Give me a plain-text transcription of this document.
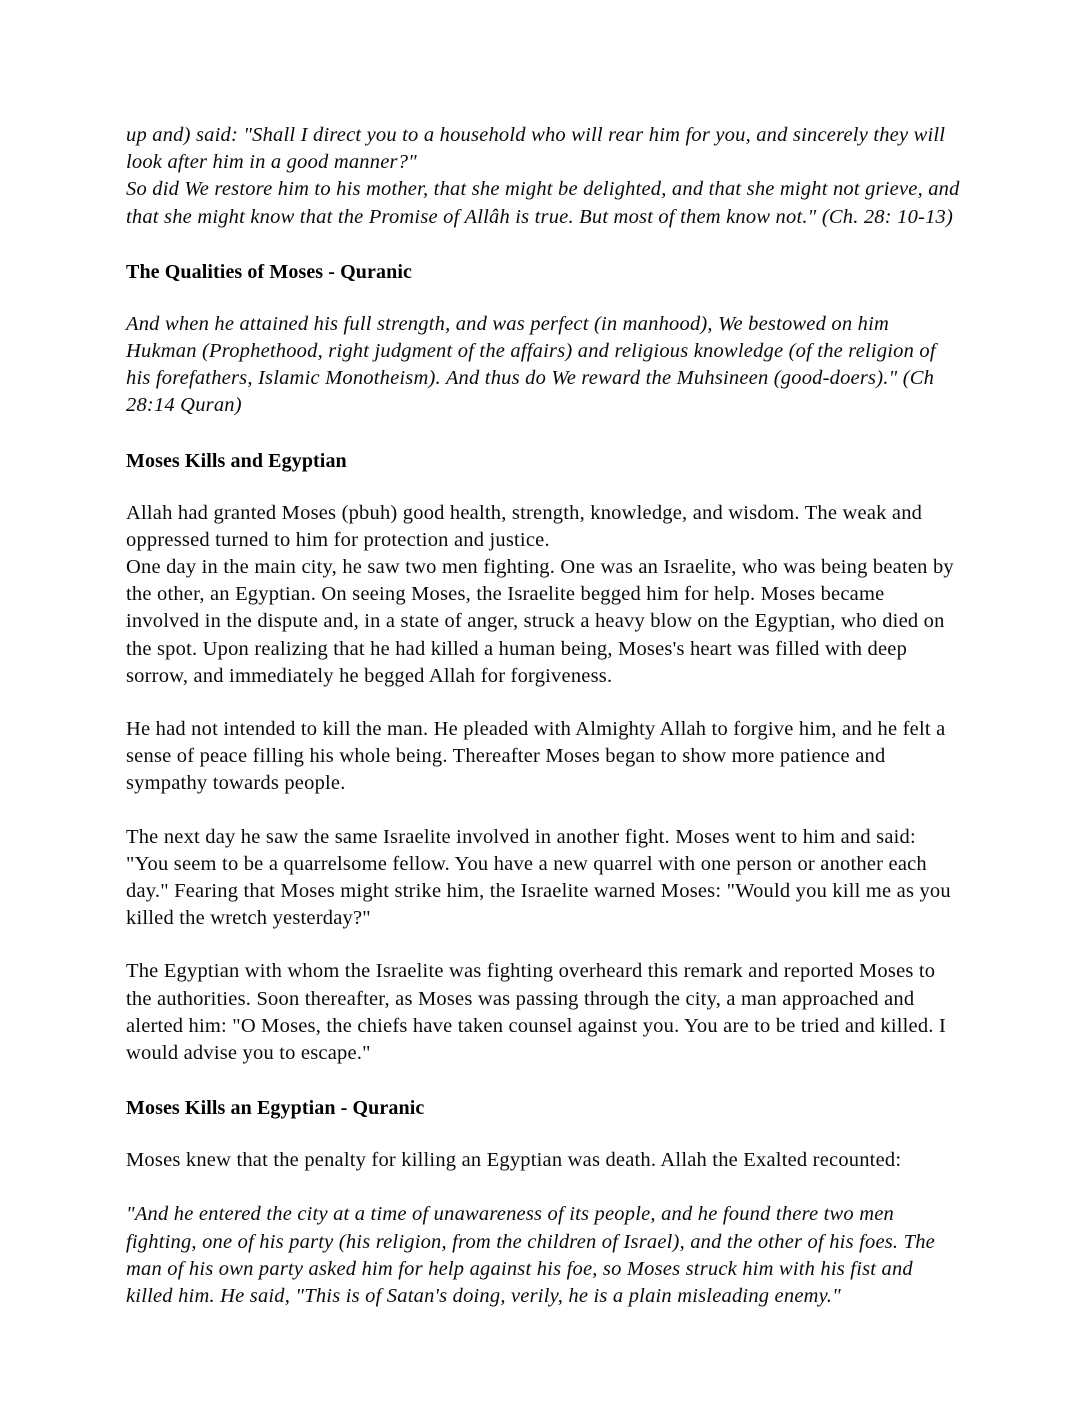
up and) said: "Shall I direct you to a household who will rear him for you, and sincerely they will look after him in a good manner?"

So did We restore him to his mother, that she might be delighted, and that she might not grieve, and that she might know that the Promise of Allâh is true. But most of them know not." (Ch. 28: 10-13)

The Qualities of Moses - Quranic

And when he attained his full strength, and was perfect (in manhood), We bestowed on him Hukman (Prophethood, right judgment of the affairs) and religious knowledge (of the religion of his forefathers, Islamic Monotheism). And thus do We reward the Muhsineen (good-doers)." (Ch 28:14 Quran)

Moses Kills and Egyptian

Allah had granted Moses (pbuh) good health, strength, knowledge, and wisdom. The weak and oppressed turned to him for protection and justice.

One day in the main city, he saw two men fighting. One was an Israelite, who was being beaten by the other, an Egyptian. On seeing Moses, the Israelite begged him for help. Moses became involved in the dispute and, in a state of anger, struck a heavy blow on the Egyptian, who died on the spot. Upon realizing that he had killed a human being, Moses's heart was filled with deep sorrow, and immediately he begged Allah for forgiveness.

He had not intended to kill the man. He pleaded with Almighty Allah to forgive him, and he felt a sense of peace filling his whole being. Thereafter Moses began to show more patience and sympathy towards people.

The next day he saw the same Israelite involved in another fight. Moses went to him and said: "You seem to be a quarrelsome fellow. You have a new quarrel with one person or another each day." Fearing that Moses might strike him, the Israelite warned Moses: "Would you kill me as you killed the wretch yesterday?"

The Egyptian with whom the Israelite was fighting overheard this remark and reported Moses to the authorities. Soon thereafter, as Moses was passing through the city, a man approached and alerted him: "O Moses, the chiefs have taken counsel against you. You are to be tried and killed. I would advise you to escape."

Moses Kills an Egyptian - Quranic

Moses knew that the penalty for killing an Egyptian was death. Allah the Exalted recounted:

"And he entered the city at a time of unawareness of its people, and he found there two men fighting, one of his party (his religion, from the children of Israel), and the other of his foes. The man of his own party asked him for help against his foe, so Moses struck him with his fist and killed him. He said, "This is of Satan's doing, verily, he is a plain misleading enemy."
